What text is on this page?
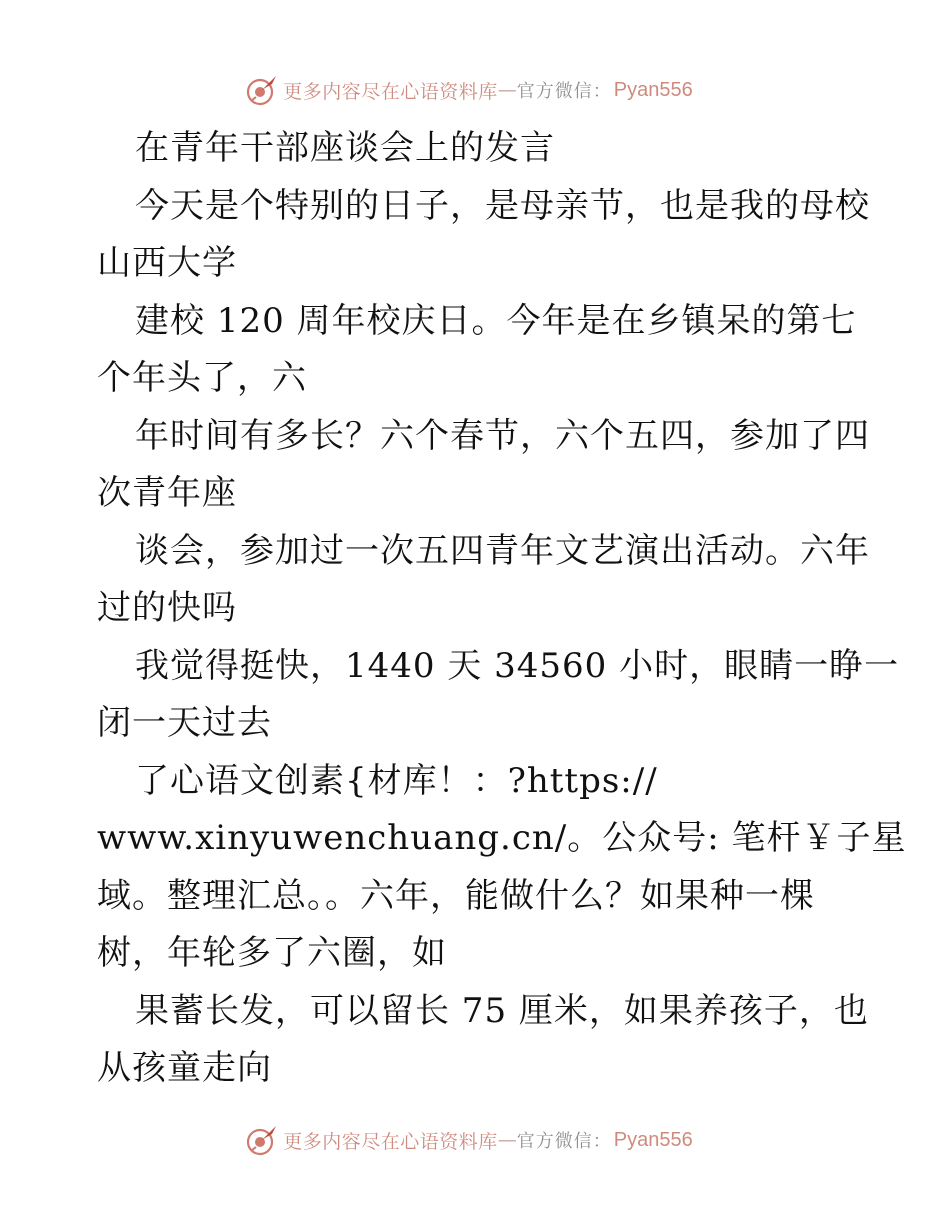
更多内容尽在心语资料库 — 官方微信： Pyan556
在青年干部座谈会上的发言
今天是个特别的日子，是母亲节，也是我的母校
山西大学
建校 120 周年校庆日。今年是在乡镇呆的第七
个年头了，六
年时间有多长？六个春节，六个五四，参加了四
次青年座
谈会，参加过一次五四青年文艺演出活动。六年
过的快吗
我觉得挺快，1440 天 34560 小时，眼睛一睁一
闭一天过去
了心语文创素{材库！：?https://
www.xinyuwenchuang.cn/。公众号: 笔杆￥子星
域。整理汇总。。六年，能做什么？如果种一棵
树，年轮多了六圈，如
果蓄长发，可以留长 75 厘米，如果养孩子，也
从孩童走向
更多内容尽在心语资料库 — 官方微信： Pyan556
